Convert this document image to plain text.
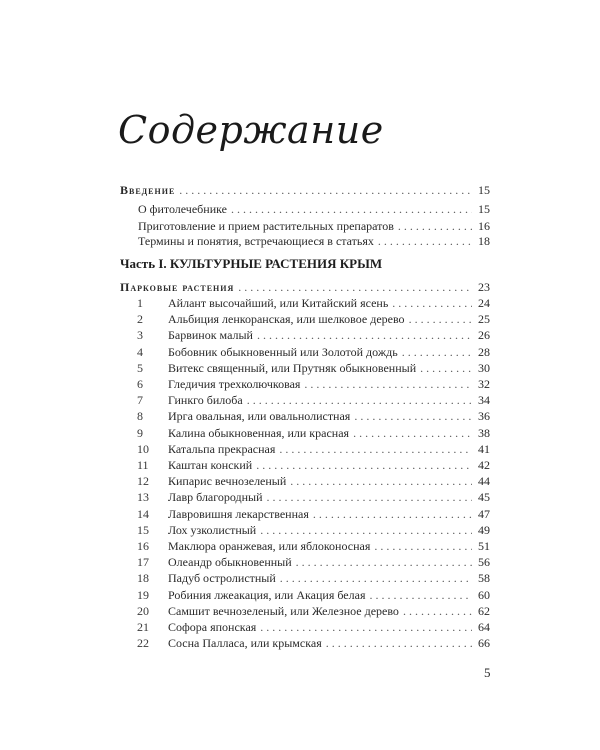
Содержание
Введение . . .	15
О фитолечебнике . . .	15
Приготовление и прием растительных препаратов . . .	16
Термины и понятия, встречающиеся в статьях . . .	18
Парковые растения . . .	23
1	Айлант высочайший, или Китайский ясень . . .	24
2	Альбиция ленкоранская, или шелковое дерево . . .	25
3	Барвинок малый . . .	26
4	Бобовник обыкновенный или Золотой дождь . . .	28
5	Витекс священный, или Прутняк обыкновенный . . .	30
6	Гледичия трехколючковая . . .	32
7	Гинкго билоба . . .	34
8	Ирга овальная, или овальнолистная . . .	36
9	Калина обыкновенная, или красная . . .	38
10	Катальпа прекрасная . . .	41
11	Каштан конский . . .	42
12	Кипарис вечнозеленый . . .	44
13	Лавр благородный . . .	45
14	Лавровишня лекарственная . . .	47
15	Лох узколистный . . .	49
16	Маклюра оранжевая, или яблоконосная . . .	51
17	Олеандр обыкновенный . . .	56
18	Падуб остролистный . . .	58
19	Робиния лжеакация, или Акация белая . . .	60
20	Самшит вечнозеленый, или Железное дерево . . .	62
21	Софора японская . . .	64
22	Сосна Палласа, или крымская . . .	66
Часть I. КУЛЬТУРНЫЕ РАСТЕНИЯ КРЫМ
5
